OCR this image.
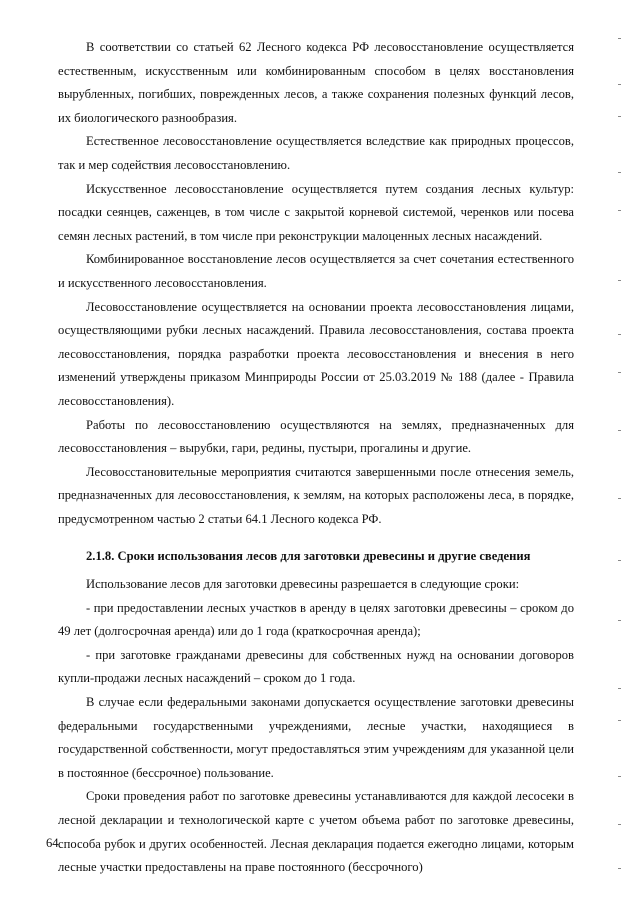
В соответствии со статьей 62 Лесного кодекса РФ лесовосстановление осуществляется естественным, искусственным или комбинированным способом в целях восстановления вырубленных, погибших, поврежденных лесов, а также сохранения полезных функций лесов, их биологического разнообразия.

Естественное лесовосстановление осуществляется вследствие как природных процессов, так и мер содействия лесовосстановлению.

Искусственное лесовосстановление осуществляется путем создания лесных культур: посадки сеянцев, саженцев, в том числе с закрытой корневой системой, черенков или посева семян лесных растений, в том числе при реконструкции малоценных лесных насаждений.

Комбинированное восстановление лесов осуществляется за счет сочетания естественного и искусственного лесовосстановления.

Лесовосстановление осуществляется на основании проекта лесовосстановления лицами, осуществляющими рубки лесных насаждений. Правила лесовосстановления, состава проекта лесовосстановления, порядка разработки проекта лесовосстановления и внесения в него изменений утверждены приказом Минприроды России от 25.03.2019 № 188 (далее - Правила лесовосстановления).

Работы по лесовосстановлению осуществляются на землях, предназначенных для лесовосстановления – вырубки, гари, редины, пустыри, прогалины и другие.

Лесовосстановительные мероприятия считаются завершенными после отнесения земель, предназначенных для лесовосстановления, к землям, на которых расположены леса, в порядке, предусмотренном частью 2 статьи 64.1 Лесного кодекса РФ.

2.1.8. Сроки использования лесов для заготовки древесины и другие сведения

Использование лесов для заготовки древесины разрешается в следующие сроки:

- при предоставлении лесных участков в аренду в целях заготовки древесины – сроком до 49 лет (долгосрочная аренда) или до 1 года (краткосрочная аренда);

- при заготовке гражданами древесины для собственных нужд на основании договоров купли-продажи лесных насаждений – сроком до 1 года.

В случае если федеральными законами допускается осуществление заготовки древесины федеральными государственными учреждениями, лесные участки, находящиеся в государственной собственности, могут предоставляться этим учреждениям для указанной цели в постоянное (бессрочное) пользование.

Сроки проведения работ по заготовке древесины устанавливаются для каждой лесосеки в лесной декларации и технологической карте с учетом объема работ по заготовке древесины, способа рубок и других особенностей. Лесная декларация подается ежегодно лицами, которым лесные участки предоставлены на праве постоянного (бессрочного)

64
